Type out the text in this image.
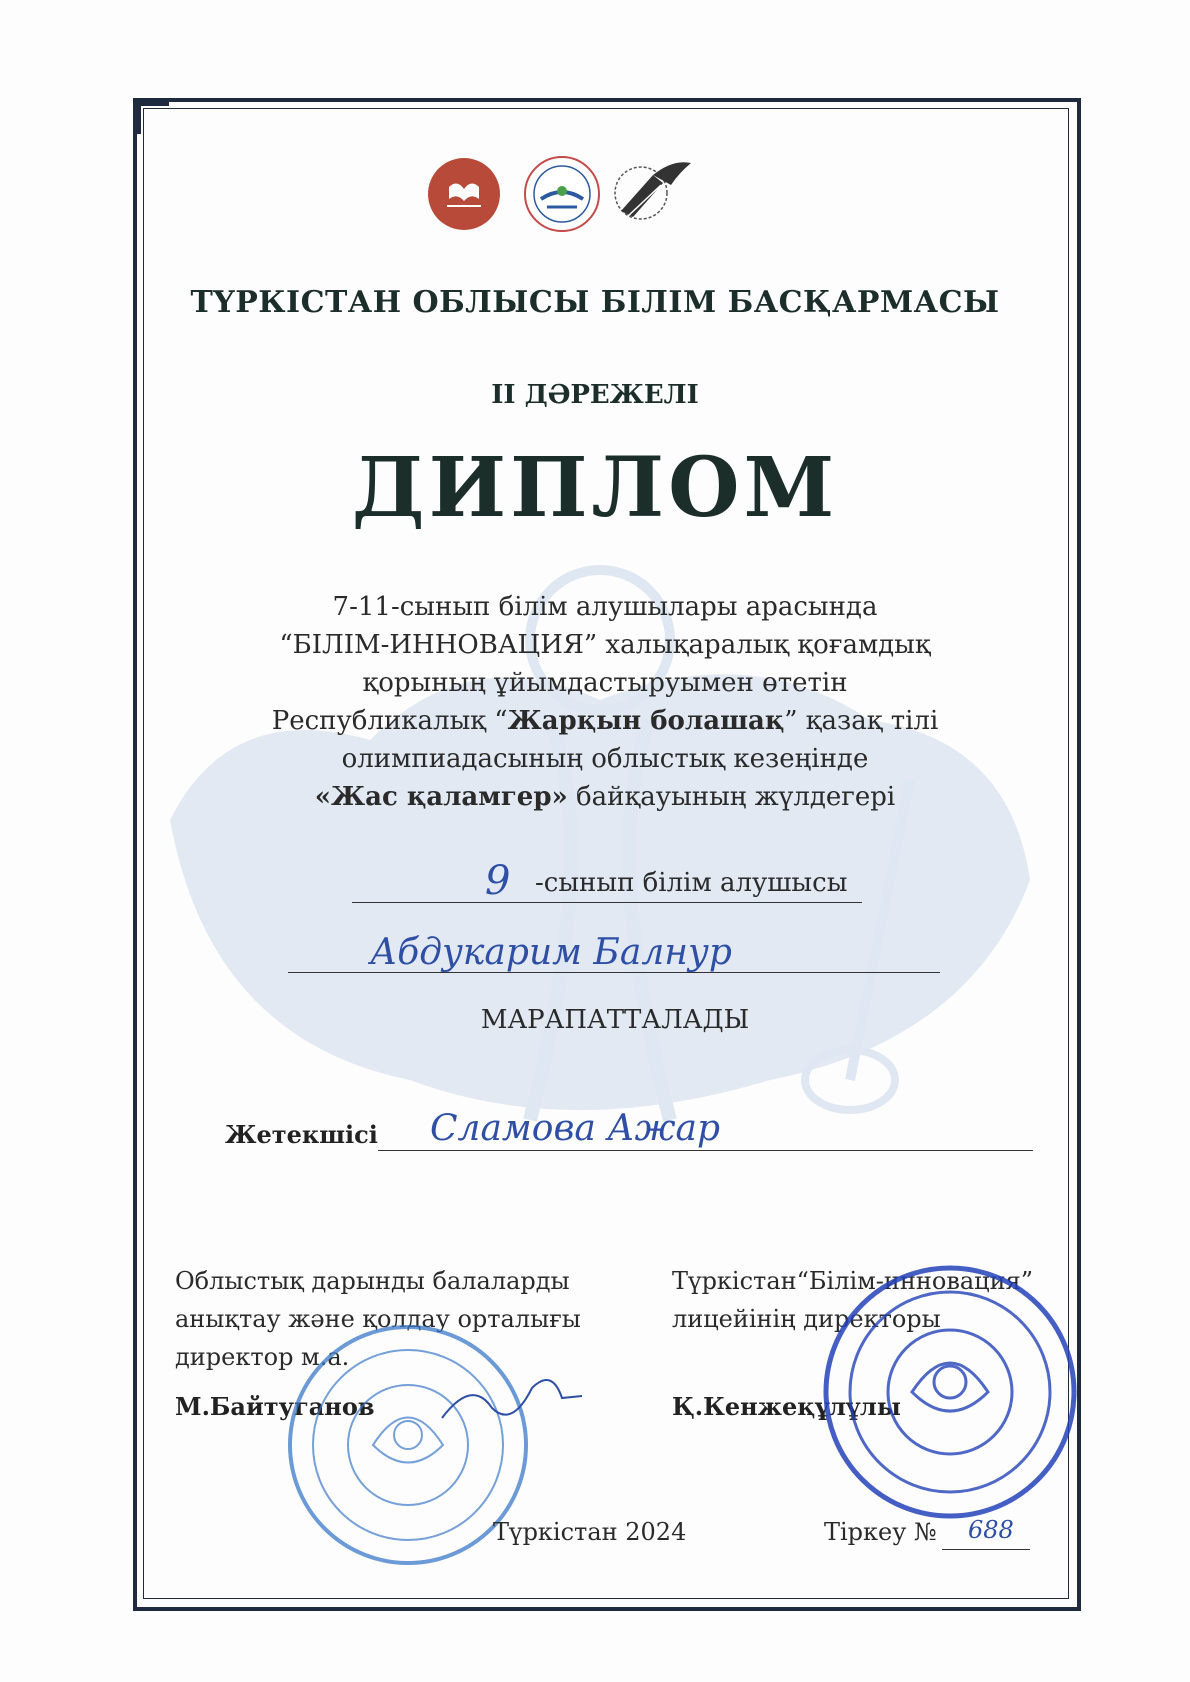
ТҮРКІСТАН ОБЛЫСЫ БІЛІМ БАСҚАРМАСЫ
ІІ ДӘРЕЖЕЛІ
ДИПЛОМ
7-11-сынып білім алушылары арасында
“БІЛІМ-ИННОВАЦИЯ” халықаралық қоғамдық
қорының ұйымдастыруымен өтетін
Республикалық “Жарқын болашақ” қазақ тілі
олимпиадасының облыстық кезеңінде
«Жас қаламгер» байқауының жүлдегері
9 -сынып білім алушысы
Абдукарим Балнур
МАРАПАТТАЛАДЫ
Жетекшісі Сламова Ажар
Облыстық дарынды балаларды
анықтау және қолдау орталығы
директор м.а.
М.Байтуганов
Түркістан“Білім-инновация”
лицейінің директоры
Қ.Кенжеқұлұлы
Түркістан 2024	Тіркеу № 688
